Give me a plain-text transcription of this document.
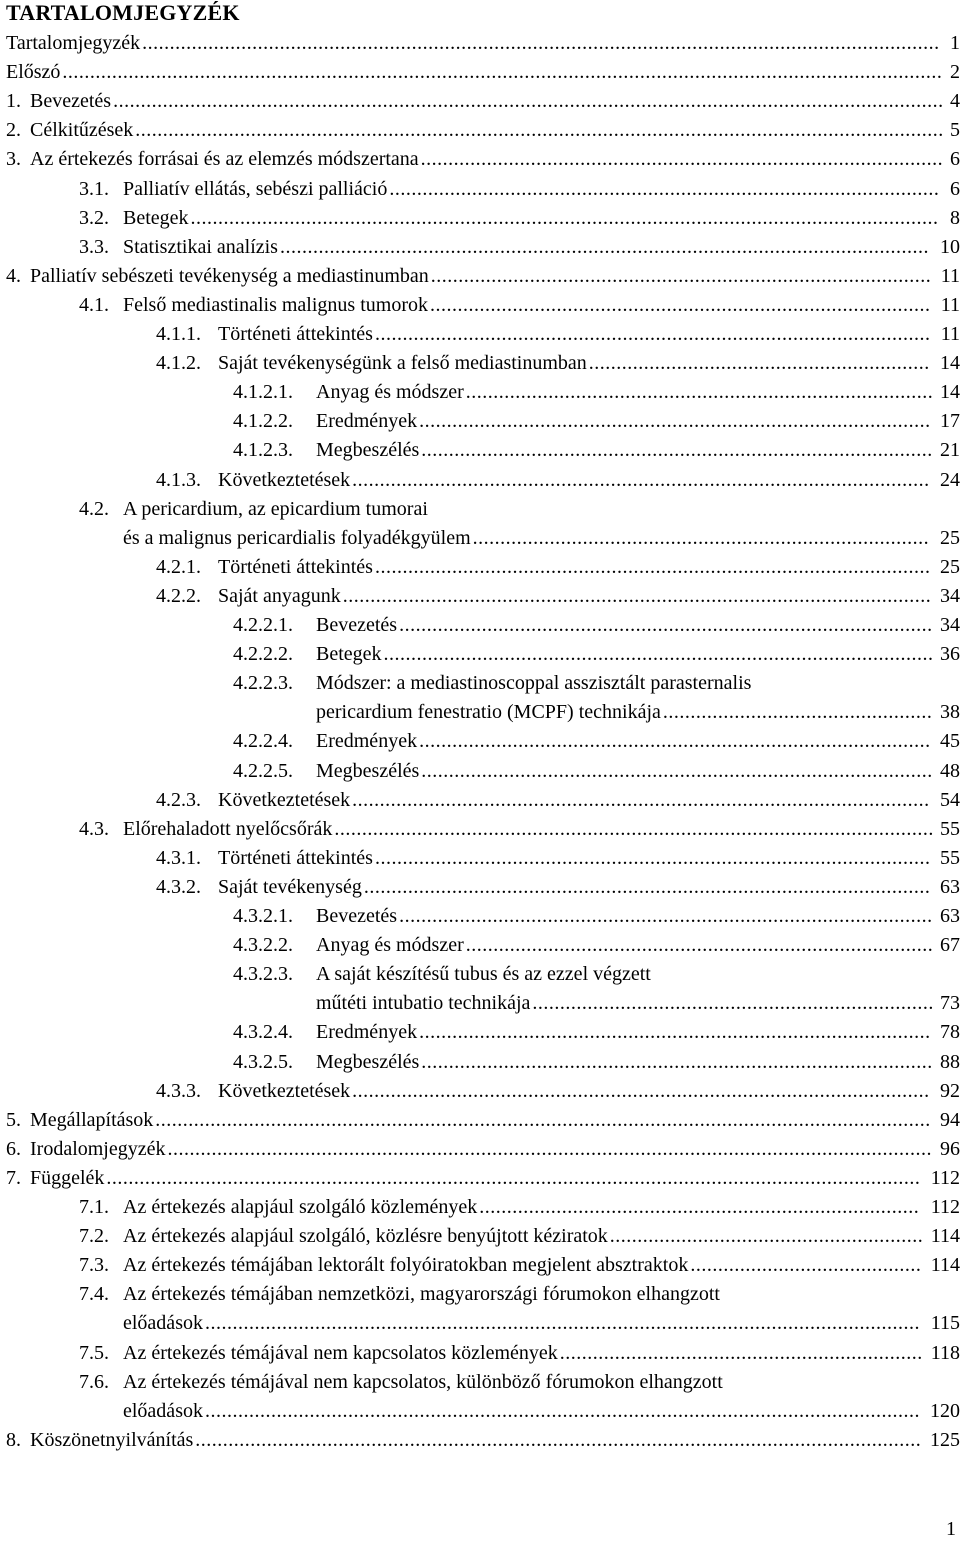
TARTALOMJEGYZÉK
Tartalomjegyzék	1
.................................................................................................................................................
Előszó	2
................................................................................................................................................................
1. Bevezetés	4
.......................................................................................................................................................
2. Célkitűzések	5
...................................................................................................................................................
3. Az értekezés forrásai és az elemzés módszertana	6
...............................................................................................
3.1. Palliatív ellátás, sebészi palliáció	6
....................................................................................................
3.2. Betegek	8
........................................................................................................................................
3.3. Statisztikai analízis	10
......................................................................................................................
4. Palliatív sebészeti tevékenység a mediastinumban	11
...........................................................................................
4.1. Felső mediastinalis malignus tumorok	11
...........................................................................................
4.1.1. Történeti áttekintés	11
.....................................................................................................
4.1.2. Saját tevékenységünk a felső mediastinumban	14
..............................................................
4.1.2.1. Anyag és módszer	14
.....................................................................................
4.1.2.2. Eredmények	17
.............................................................................................
4.1.2.3. Megbeszélés	21
.............................................................................................
4.1.3. Következtetések	24
.........................................................................................................
4.2. A pericardium, az epicardium tumorai
és a malignus pericardialis folyadékgyülem	25
...................................................................................
4.2.1. Történeti áttekintés	25
.....................................................................................................
4.2.2. Saját anyagunk	34
...........................................................................................................
4.2.2.1. Bevezetés	34
.................................................................................................
4.2.2.2. Betegek	36
....................................................................................................
4.2.2.3. Módszer: a mediastinoscoppal asszisztált parasternalis
pericardium fenestratio (MCPF) technikája	38
.................................................
4.2.2.4. Eredmények	45
.............................................................................................
4.2.2.5. Megbeszélés	48
.............................................................................................
4.2.3. Következtetések	54
.........................................................................................................
4.3. Előrehaladott nyelőcsőrák	55
.............................................................................................................
4.3.1. Történeti áttekintés	55
.....................................................................................................
4.3.2. Saját tevékenység	63
.......................................................................................................
4.3.2.1. Bevezetés	63
.................................................................................................
4.3.2.2. Anyag és módszer	67
.....................................................................................
4.3.2.3. A saját készítésű tubus és az ezzel végzett
műtéti intubatio technikája	73
.........................................................................
4.3.2.4. Eredmények	78
.............................................................................................
4.3.2.5. Megbeszélés	88
.............................................................................................
4.3.3. Következtetések	92
.........................................................................................................
5. Megállapítások	94
.............................................................................................................................................
6. Irodalomjegyzék	96
...........................................................................................................................................
7. Függelék	112
....................................................................................................................................................
7.1. Az értekezés alapjául szolgáló közlemények	112
................................................................................
7.2. Az értekezés alapjául szolgáló, közlésre benyújtott kéziratok	114
.........................................................
7.3. Az értekezés témájában lektorált folyóiratokban megjelent absztraktok	114
..........................................
7.4. Az értekezés témájában nemzetközi, magyarországi fórumokon elhangzott
előadások	115
..................................................................................................................................
7.5. Az értekezés témájával nem kapcsolatos közlemények	118
..................................................................
7.6. Az értekezés témájával nem kapcsolatos, különböző fórumokon elhangzott
előadások	120
..................................................................................................................................
8. Köszönetnyilvánítás	125
....................................................................................................................................
1
